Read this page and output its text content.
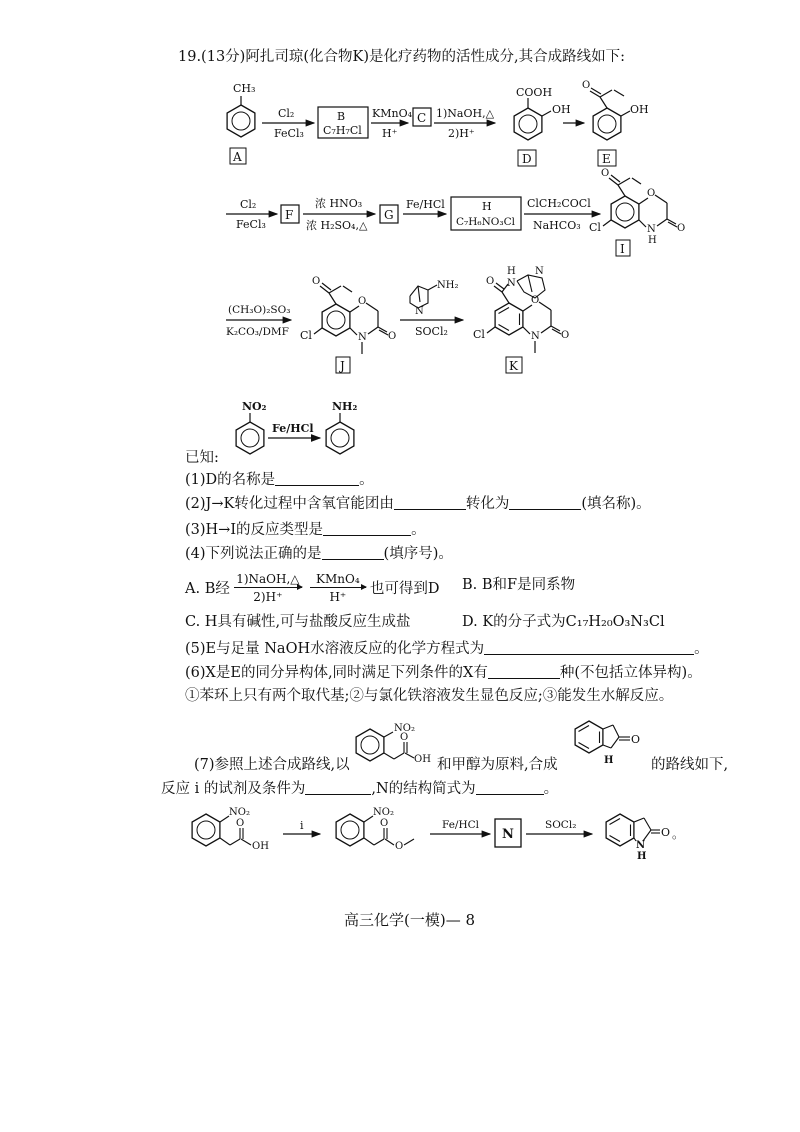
19.(13分)阿扎司琼(化合物K)是化疗药物的活性成分,其合成路线如下:
CH₃
A
Cl₂
FeCl₃
B
C₇H₇Cl
KMnO₄
H⁺
C 1)NaOH,△
2)H⁺
COOH
OH
D
O
OH
E
Cl₂
FeCl₃
F
浓 HNO₃
浓 H₂SO₄,△
G
Fe/HCl	H
C₇H₆NO₃Cl
ClCH₂COCl
NaHCO₃
O
O
O
N
H
Cl
I
(CH₃O)₂SO₃
K₂CO₃/DMF
O
O
O
N
Cl
J
NH₂
N
SOCl₂
O N
H N
O
O
N
Cl
K
NO₂
Fe/HCl
NH₂
NO₂
O
OH
O
H
NO₂
O
OH
i
NO₂
O
O
Fe/HCl
N
SOCl₂
O
N
H
。
已知:
(1)D的名称是	。
(2)J→K转化过程中含氧官能团由	转化为	(填名称)。
(3)H→I的反应类型是	。
(4)下列说法正确的是	(填序号)。
A. B经 $\frac{\text{1)NaOH,△}}{2)H^+} \frac{\text{KMnO₄}}{H^+}$ 也可得到D B. B和F是同系物
C. H具有碱性,可与盐酸反应生成盐	D. K的分子式为C₁₇H₂₀O₃N₃Cl
(5)E与足量 NaOH水溶液反应的化学方程式为	。
(6)X是E的同分异构体,同时满足下列条件的X有	种(不包括立体异构)。
①苯环上只有两个取代基;②与氯化铁溶液发生显色反应;③能发生水解反应。
(7)参照上述合成路线,以	和甲醇为原料,合成	的路线如下,
反应 i 的试剂及条件为	,N的结构简式为	。
高三化学(一模)— 8
